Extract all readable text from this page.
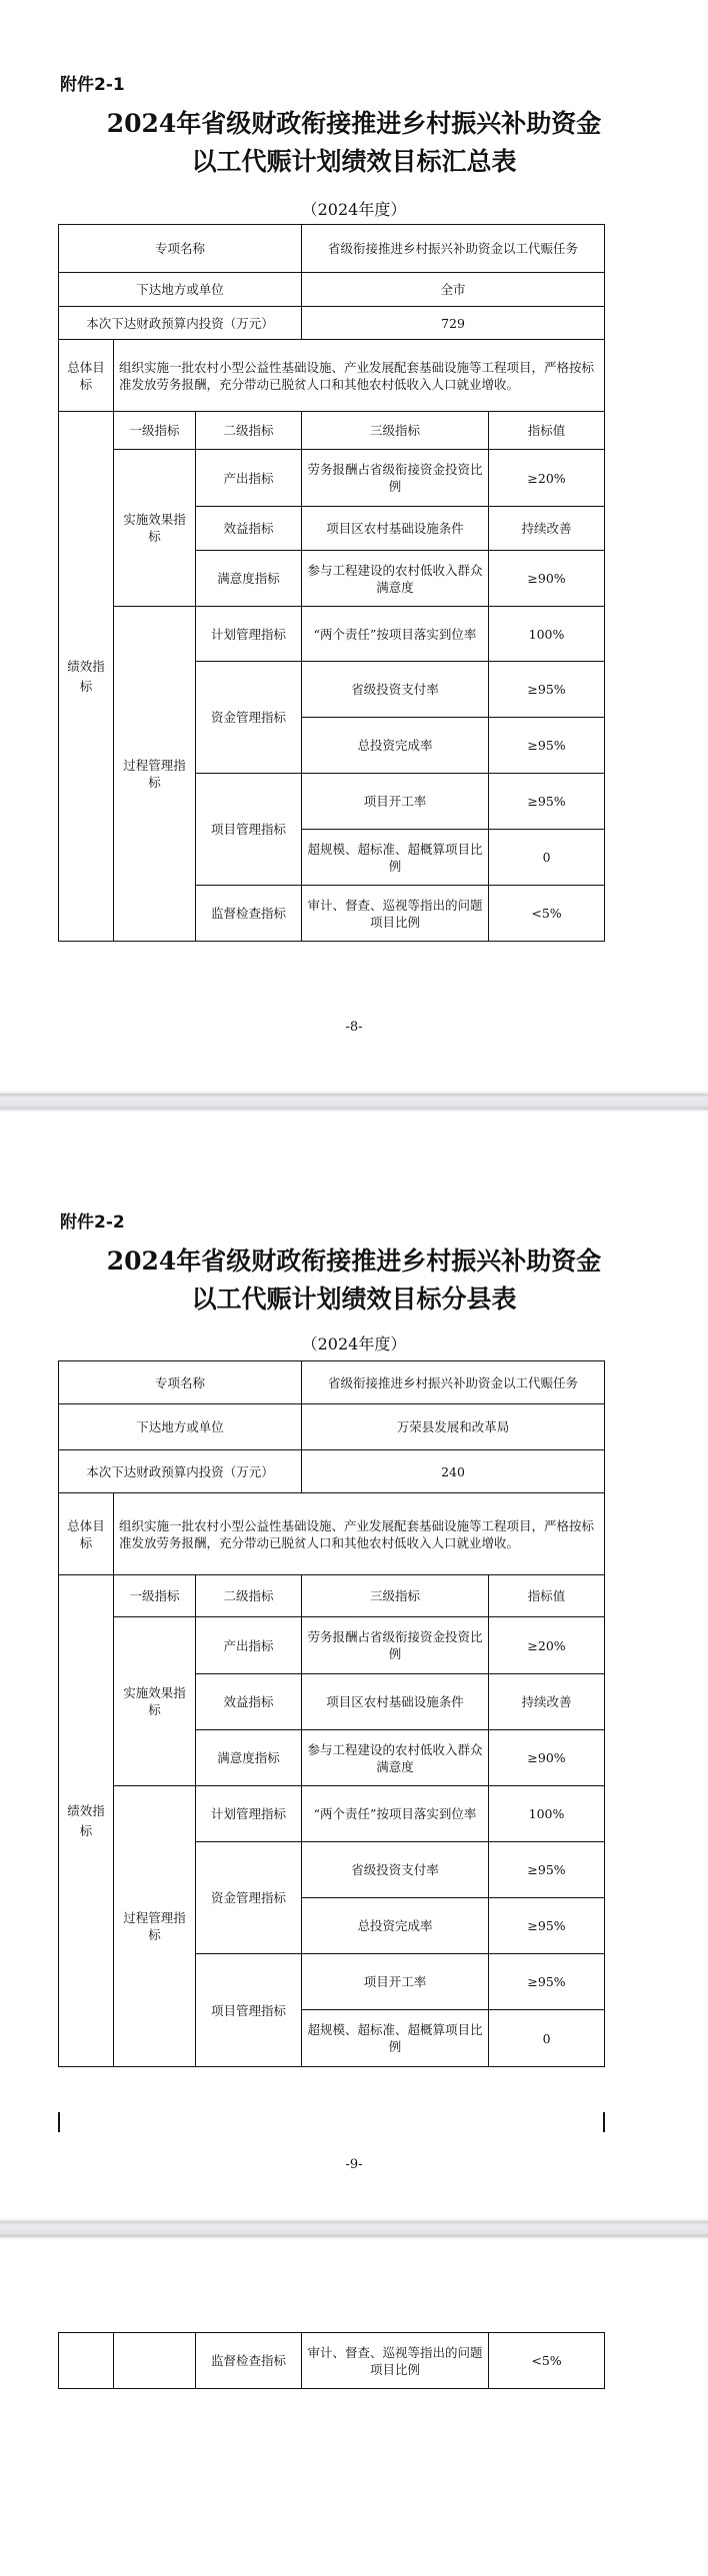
附件2-1
2024年省级财政衔接推进乡村振兴补助资金
以工代赈计划绩效目标汇总表
（2024年度）
专项名称			省级衔接推进乡村振兴补助资金以工代赈任务	
下达地方或单位			全市	
本次下达财政预算内投资（万元）			729	
总体目标	组织实施一批农村小型公益性基础设施、产业发展配套基础设施等工程项目，严格按标准发放劳务报酬，充分带动已脱贫人口和其他农村低收入人口就业增收。			
绩效指标	一级指标	二级指标	三级指标	指标值
	实施效果指标	产出指标	劳务报酬占省级衔接资金投资比例	≥20%
		效益指标	项目区农村基础设施条件	持续改善
		满意度指标	参与工程建设的农村低收入群众满意度	≥90%
	过程管理指标	计划管理指标	“两个责任”按项目落实到位率	100%
		资金管理指标	省级投资支付率	≥95%
			总投资完成率	≥95%
		项目管理指标	项目开工率	≥95%
			超规模、超标准、超概算项目比例	0
		监督检查指标	审计、督查、巡视等指出的问题项目比例	<5%
-8-
附件2-2
2024年省级财政衔接推进乡村振兴补助资金
以工代赈计划绩效目标分县表
（2024年度）
专项名称			省级衔接推进乡村振兴补助资金以工代赈任务	
下达地方或单位			万荣县发展和改革局	
本次下达财政预算内投资（万元）			240	
总体目标	组织实施一批农村小型公益性基础设施、产业发展配套基础设施等工程项目，严格按标准发放劳务报酬，充分带动已脱贫人口和其他农村低收入人口就业增收。			
绩效指标	一级指标	二级指标	三级指标	指标值
	实施效果指标	产出指标	劳务报酬占省级衔接资金投资比例	≥20%
		效益指标	项目区农村基础设施条件	持续改善
		满意度指标	参与工程建设的农村低收入群众满意度	≥90%
	过程管理指标	计划管理指标	“两个责任”按项目落实到位率	100%
		资金管理指标	省级投资支付率	≥95%
			总投资完成率	≥95%
		项目管理指标	项目开工率	≥95%
			超规模、超标准、超概算项目比例	0
-9-
		监督检查指标	审计、督查、巡视等指出的问题项目比例	<5%
